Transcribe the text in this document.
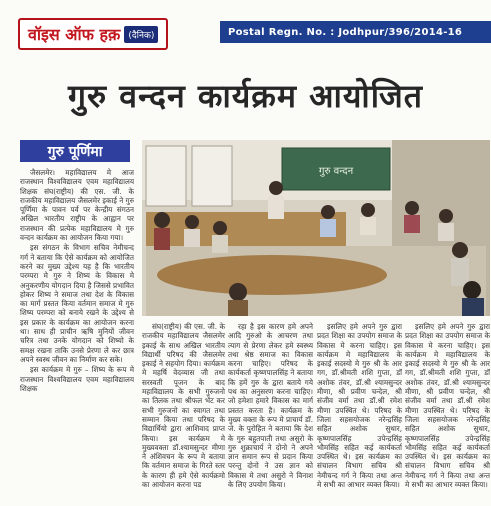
वॉइस ऑफ हक़ (दैनिक)	Postal Regn. No. : Jodhpur/396/2014-16
गुरु वन्दन कार्यक्रम आयोजित
गुरु पूर्णिमा
गुरु वन्दन

जैसलमेर। महाविद्यालय मे आज राजस्थान विश्वविद्यालय एवम महाविद्यालय शिक्षक संघ(राष्ट्रीय) की एस. जी. के राजकीय महाविद्यालय जैसलमेर इकाई ने गुरु पूर्णिमा के पावन पर्व पर केन्द्रीय संगठन अखिल भारतीय राष्ट्रीय के आह्वान पर राजस्थान की प्रत्येक महाविद्यालय मे गुरु वन्दन कार्यक्रम का आयोजन किया गया।

इस संगठन के विभाग सचिव नेमीचन्द गर्ग ने बताया कि ऐसे कार्यक्रम को आयोजित करने का मुख्य उद्देश्य यह है कि भारतीय परम्परा मे गुरु ने शिष्य के विकास मे अनुकरणीय योगदान दिया है जिससे प्रभावित होकर शिष्य ने समाज तथा देश के विकास का मार्ग प्रस्तत किया वर्तमान समाज मे गुरु शिष्य परम्परा को बनाये रखने के उद्देश्य से इस प्रकार के कार्यक्रम का आयोजन करना था। साथ ही प्राचीन ऋषि मुनियों जीवन चरित्र तथा उनके योगदान को शिष्यो के समक्ष रखना ताकि उनसे प्रेरणा ले कर छात्र अपने स्वस्थ जीवन का निर्माण कर सके।

इस कार्यक्रम मे गुरु – शिष्य के रूप मे राजस्थान विश्वविद्यालय एवम महाविद्यालय शिक्षक

संघ(राष्ट्रीय) की एस. जी. के राजकीय महाविद्यालय जैसलमेर इकाई के साथ अखिल भारतीय विद्यार्थी परिषद की जैसलमेर इकाई ने सहयोग दिया। कार्यक्रम मे महर्षि वेदव्यास जी तथा सरस्वती पूजन के बाद महाविद्यालय के सभी गुरुजनो का तिलक तथा श्रीफल भेंट कर सभी गुरुजनो का स्वागत तथा सम्मान किया तथा परिषद के विद्यार्थियो द्वारा आशिवाद प्राप्त किया। इस कार्यक्रम मे मुख्यवक्ता डॉ.श्यामसुन्दर मीणा ने अंशिवचन के रूप मे बताया कि वर्तमान समाज के गिरते स्तर के कारण ही हमे ऐसे कार्यक्रमो का आयोजन करना पड

रहा है इस कारण हमे अपने आदि गुरुओ के आचरण तथा त्याग से प्रेरणा लेकर हमे स्वस्थ्य तथा श्रेष्ठ समाज का विकास करना चाहिए। परिषद के कार्यकर्ता कृष्णपालसिंह ने बताया कि हमें गुरु के द्वारा बताये गये पथ का अनुसरण करना चाहिए। जो हमेशा हमारे विकास का मार्ग प्रस्तत करता है। कार्यक्रम के मुख्य वक्ता के रूप मे प्राचार्य डॉ. जे. के पुरोहित ने बताया कि देश के गुरु बहुतपाती तथा असुरो के गुरु शुक्राचार्य ने दोनो ने अपने ज्ञान समान रूप से प्रदान किया परन्तु दोनो ने उस ज्ञान को विकास मे तथा असुरो ने विनाश के लिए उपयोग किया।

इसलिए हमे अपने गुरु द्वारा प्रदत शिक्षा का उपयोग समाज के विकास मे करना चाहिए। इस कार्यक्रम मे महाविद्यालय के इकाई सदस्यो मे गुरु श्री के आर गग, डॉ.श्रीमती शशि गुप्ता, डॉ अशोक तंवर, डॉ.श्री श्यामसुन्दर मीणा, श्री प्रवीण चन्देल, श्री संजीव वर्मा तथा डॉ.श्री रमेश मीणा उपस्थित थे। परिषद के जिला सहसयोजक नरेन्द्रसिंह सहित अशोक सुथार, कृष्णपालसिंह उपेन्द्रसिंह भौमसिंह सहित कई कार्यकर्ता उपस्थित थे। इस कार्यक्रम का संचालन विभाग सचिव श्री नेमीचन्द गर्ग ने किया तथा अन्त मे सभी का आभार व्यक्त किया।

इसलिए हमे अपने गुरु द्वारा प्रदत शिक्षा का उपयोग समाज के विकास मे करना चाहिए। इस कार्यक्रम मे महाविद्यालय के इकाई सदस्यो मे गुरु श्री के आर गग, डॉ.श्रीमती शशि गुप्ता, डॉ अशोक तंवर, डॉ.श्री श्यामसुन्दर मीणा, श्री प्रवीण चन्देल, श्री संजीव वर्मा तथा डॉ.श्री रमेश मीणा उपस्थित थे। परिषद के जिला सहसयोजक नरेन्द्रसिंह सहित अशोक सुथार, कृष्णपालसिंह उपेन्द्रसिंह भौमसिंह सहित कई कार्यकर्ता उपस्थित थे। इस कार्यक्रम का संचालन विभाग सचिव श्री नेमीचन्द गर्ग ने किया तथा अन्त मे सभी का आभार व्यक्त किया।
